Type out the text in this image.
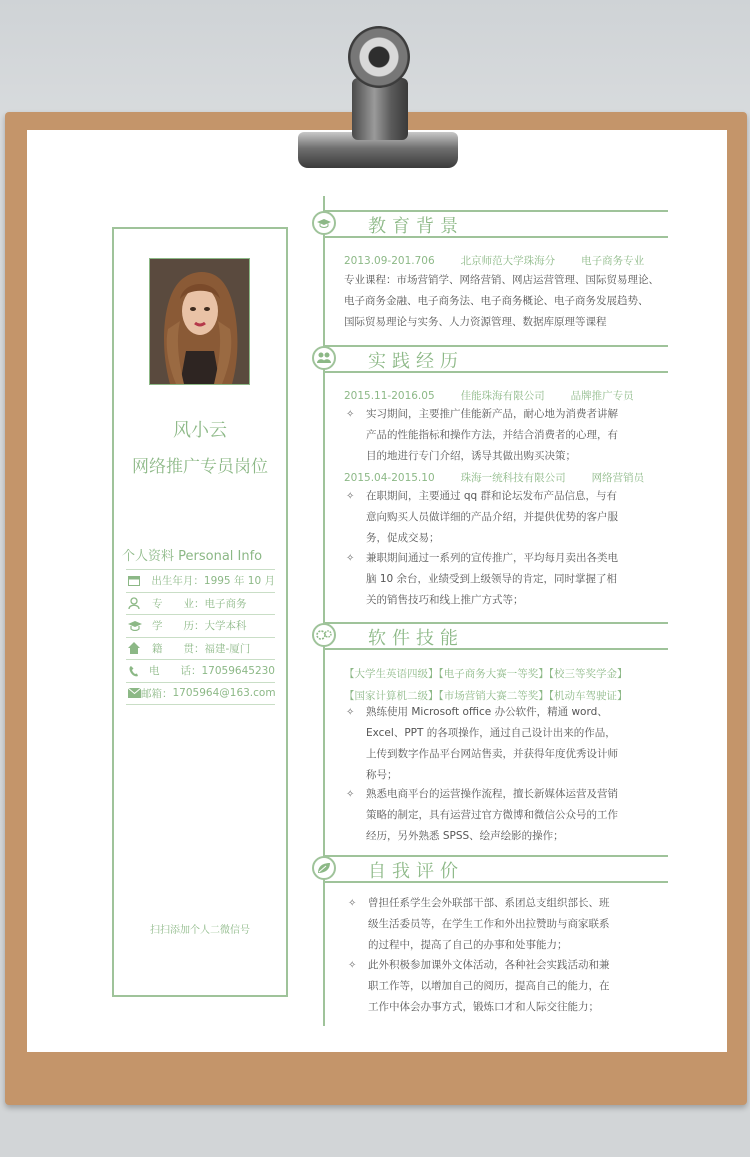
风小云
网络推广专员岗位
个人资料 Personal Info
出生年月： 1995 年 10 月
专　　业： 电子商务
学　　历： 大学本科
籍　　贯： 福建-厦门
电　　话： 17059645230
邮箱： 1705964@163.com
扫扫添加个人二微信号
教育背景
2013.09-201.706 北京师范大学珠海分 电子商务专业
专业课程：市场营销学、网络营销、网店运营管理、国际贸易理论、
电子商务金融、电子商务法、电子商务概论、电子商务发展趋势、
国际贸易理论与实务、人力资源管理、数据库原理等课程
实践经历
2015.11-2016.05 佳能珠海有限公司 品牌推广专员
✧ 实习期间，主要推广佳能新产品，耐心地为消费者讲解
产品的性能指标和操作方法，并结合消费者的心理，有
目的地进行专门介绍，诱导其做出购买决策；
2015.04-2015.10 珠海一统科技有限公司 网络营销员
✧ 在职期间，主要通过 qq 群和论坛发布产品信息，与有
意向购买人员做详细的产品介绍，并提供优势的客户服
务，促成交易；
✧ 兼职期间通过一系列的宣传推广，平均每月卖出各类电
脑 10 余台，业绩受到上级领导的肯定，同时掌握了相
关的销售技巧和线上推广方式等；
软件技能
【大学生英语四级】【电子商务大赛一等奖】【校三等奖学金】
【国家计算机二级】【市场营销大赛二等奖】【机动车驾驶证】
✧ 熟练使用 Microsoft office 办公软件，精通 word、
Excel、PPT 的各项操作，通过自己设计出来的作品，
上传到数字作品平台网站售卖，并获得年度优秀设计师
称号；
✧ 熟悉电商平台的运营操作流程，擅长新媒体运营及营销
策略的制定，具有运营过官方微博和微信公众号的工作
经历，另外熟悉 SPSS、绘声绘影的操作；
自我评价
✧ 曾担任系学生会外联部干部、系团总支组织部长、班
级生活委员等，在学生工作和外出拉赞助与商家联系
的过程中，提高了自己的办事和处事能力；
✧ 此外积极参加课外文体活动，各种社会实践活动和兼
职工作等，以增加自己的阅历，提高自己的能力，在
工作中体会办事方式，锻炼口才和人际交往能力；
